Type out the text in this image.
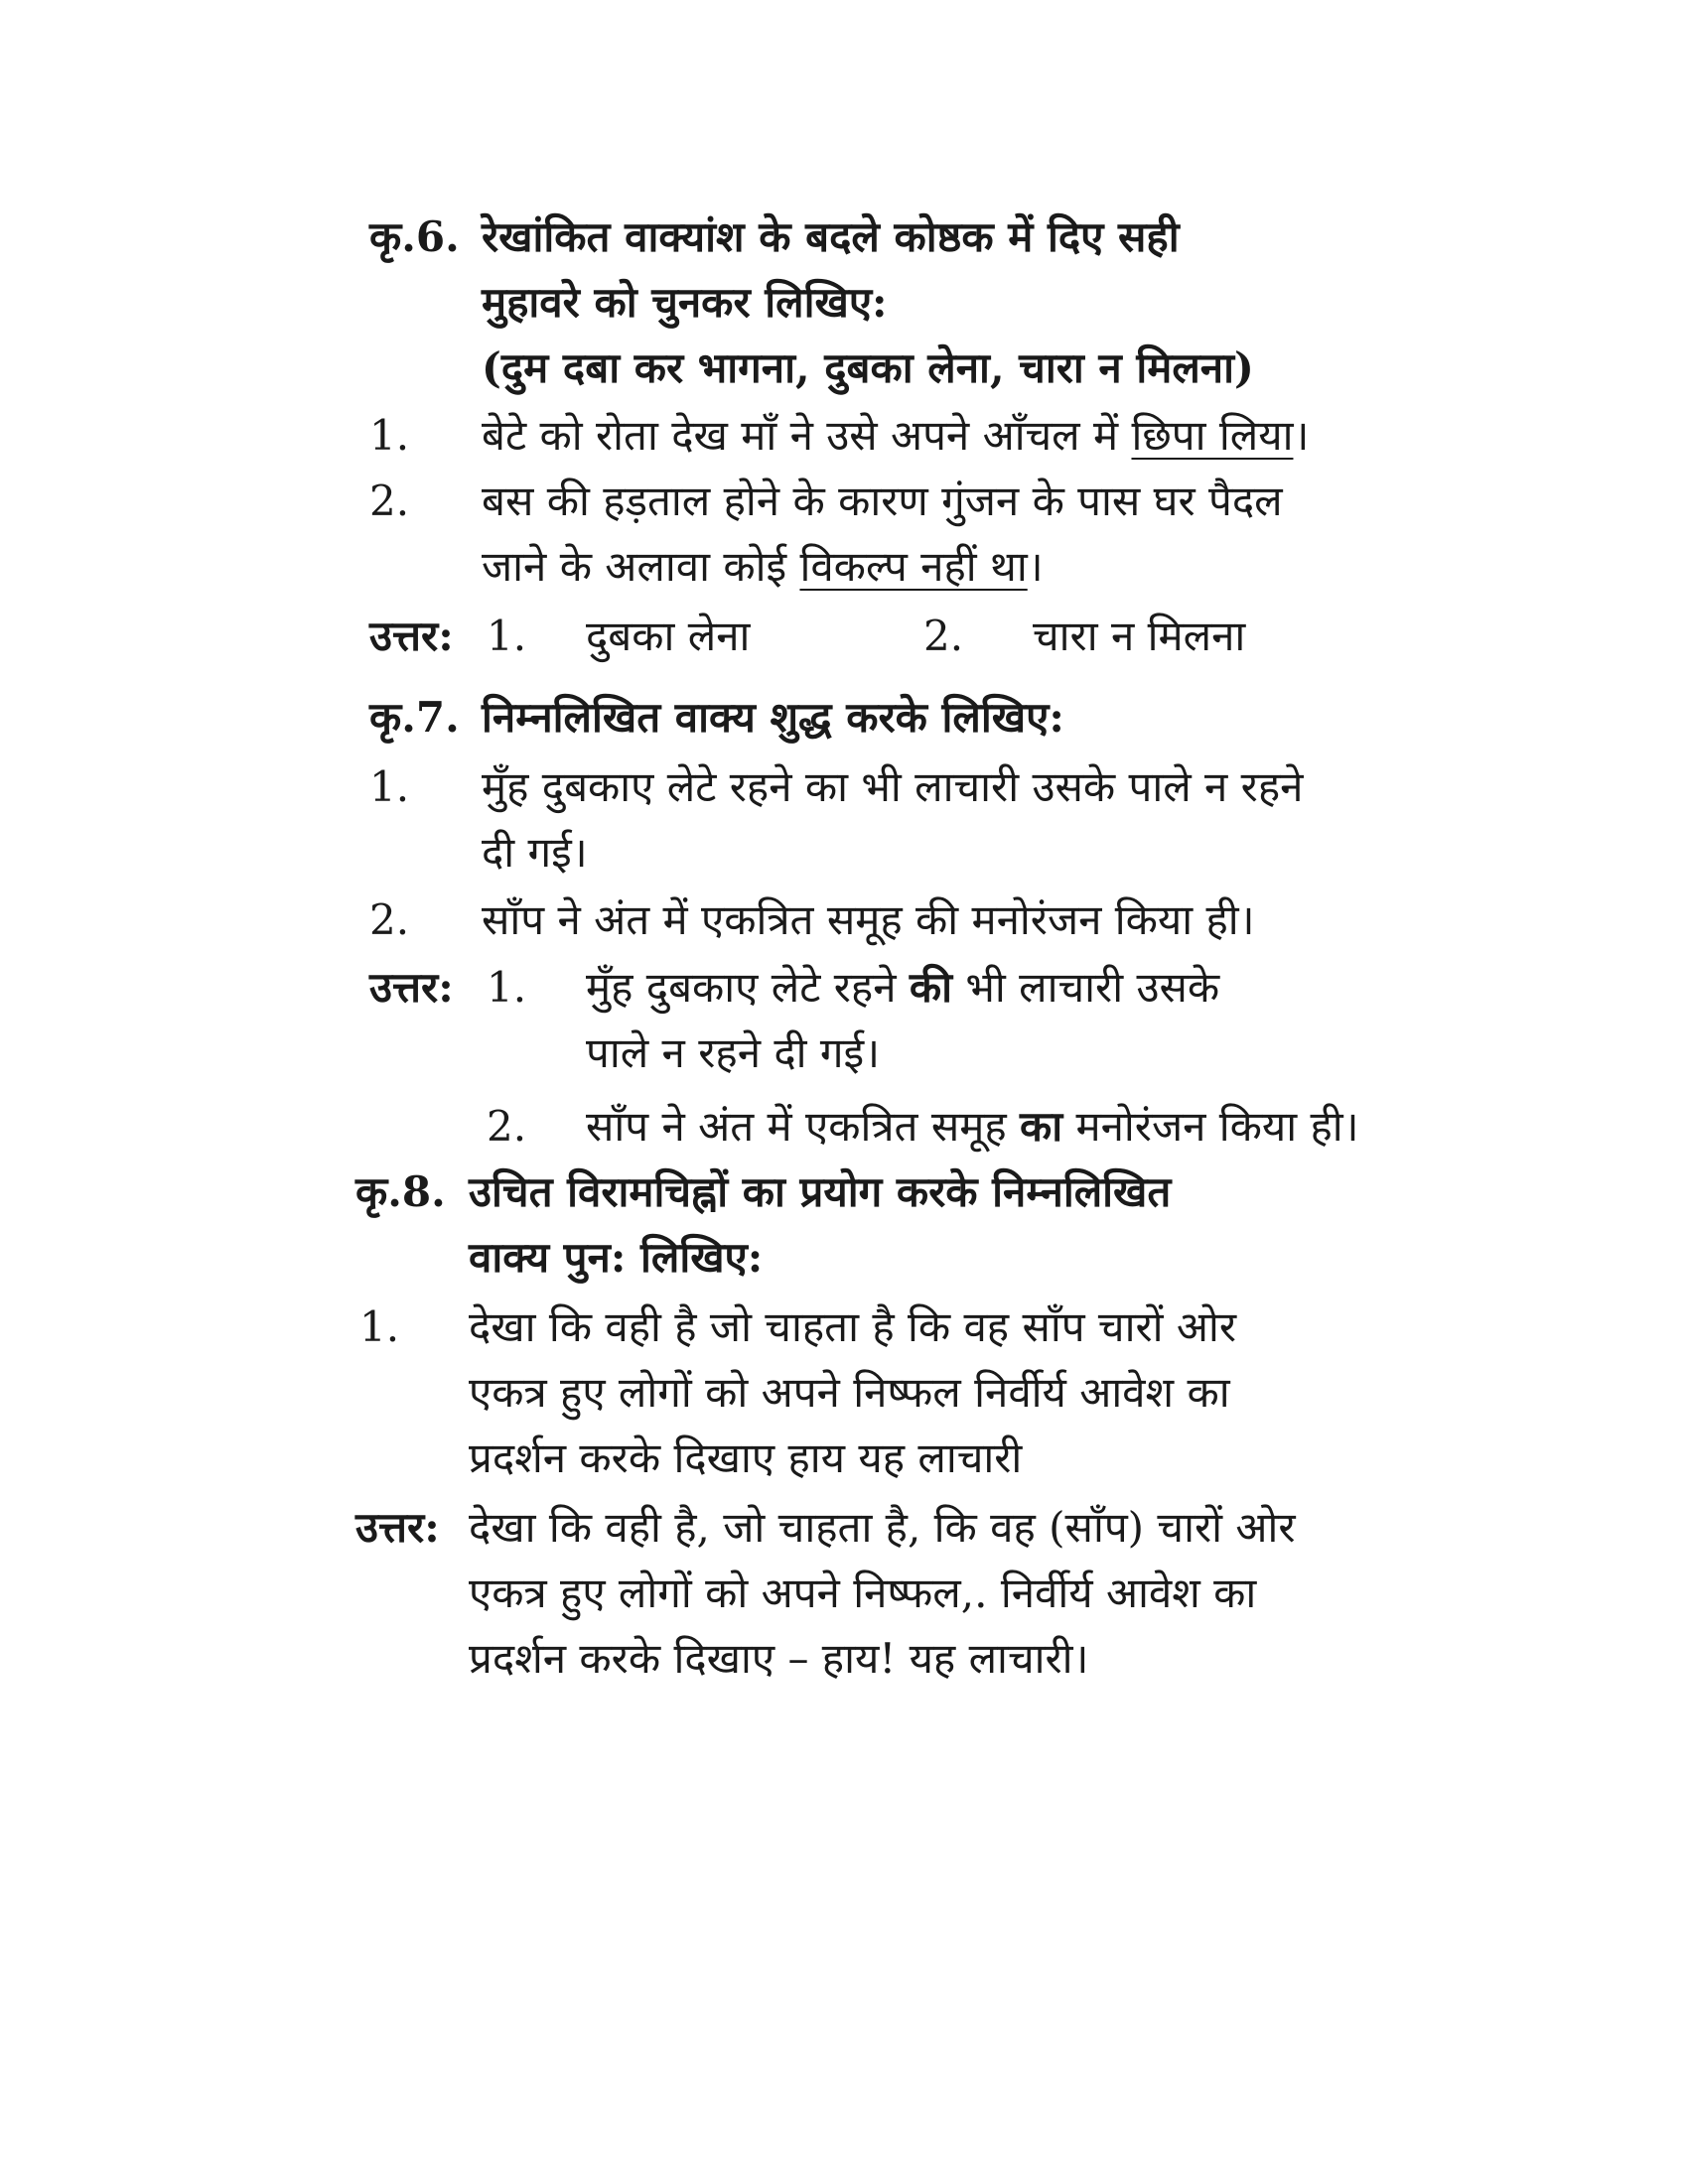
कृ.6. रेखांकित वाक्यांश के बदले कोष्ठक में दिए सही
मुहावरे को चुनकर लिखिए:
(दुम दबा कर भागना, दुबका लेना, चारा न मिलना)
1. बेटे को रोता देख माँ ने उसे अपने आँचल में छिपा लिया।
2. बस की हड़ताल होने के कारण गुंजन के पास घर पैदल
जाने के अलावा कोई विकल्प नहीं था।
उत्तर: 1. दुबका लेना	2. चारा न मिलना
कृ.7. निम्नलिखित वाक्य शुद्ध करके लिखिए:
1. मुँह दुबकाए लेटे रहने का भी लाचारी उसके पाले न रहने
दी गई।
2. साँप ने अंत में एकत्रित समूह की मनोरंजन किया ही।
उत्तर: 1. मुँह दुबकाए लेटे रहने की भी लाचारी उसके
पाले न रहने दी गई।
2. साँप ने अंत में एकत्रित समूह का मनोरंजन किया ही।
कृ.8. उचित विरामचिह्नों का प्रयोग करके निम्नलिखित
वाक्य पुन: लिखिए:
1. देखा कि वही है जो चाहता है कि वह साँप चारों ओर
एकत्र हुए लोगों को अपने निष्फल निर्वीर्य आवेश का
प्रदर्शन करके दिखाए हाय यह लाचारी
उत्तर: देखा कि वही है, जो चाहता है, कि वह (साँप) चारों ओर
एकत्र हुए लोगों को अपने निष्फल,. निर्वीर्य आवेश का
प्रदर्शन करके दिखाए – हाय! यह लाचारी।
